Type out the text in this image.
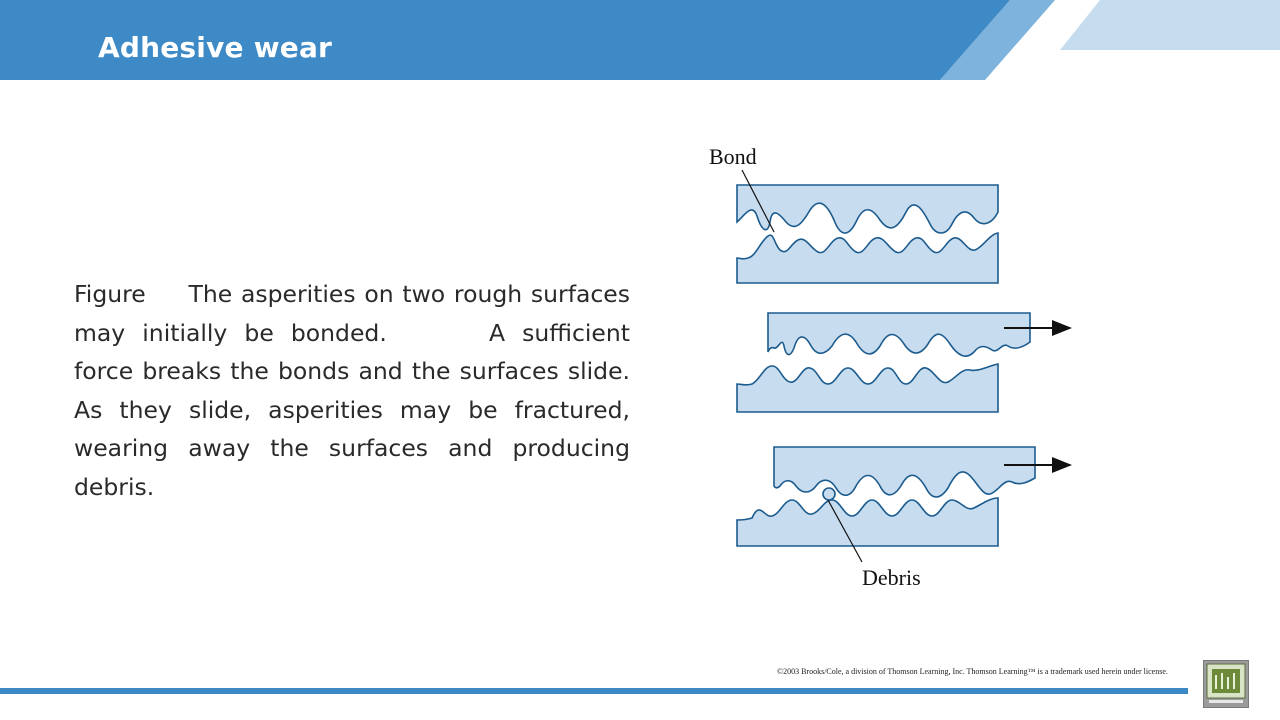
Adhesive wear

Figure The asperities on two rough surfaces may initially be bonded.	A sufficient force breaks the bonds and the surfaces slide. As they slide, asperities may be fractured, wearing away the surfaces and producing debris.

Bond
Debris
©2003 Brooks/Cole, a division of Thomson Learning, Inc. Thomson Learning™ is a trademark used herein under license.
